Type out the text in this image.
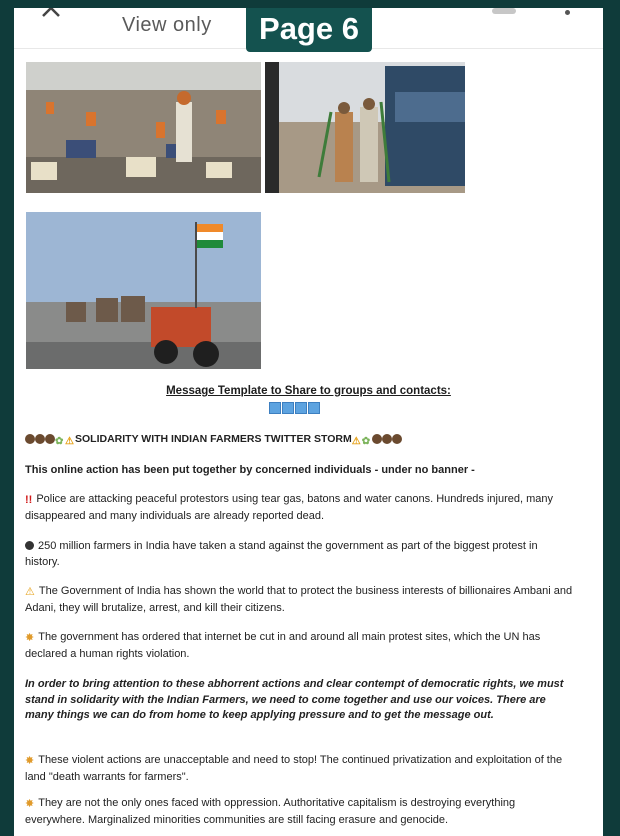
View only	Page 6
Message Template to Share to groups and contacts:
✿ ⚠SOLIDARITY WITH INDIAN FARMERS TWITTER STORM⚠✿
This online action has been put together by concerned individuals - under no banner -
!! Police are attacking peaceful protestors using tear gas, batons and water canons. Hundreds injured, many disappeared and many individuals are already reported dead.
250 million farmers in India have taken a stand against the government as part of the biggest protest in history.
⚠ The Government of India has shown the world that to protect the business interests of billionaires Ambani and Adani, they will brutalize, arrest, and kill their citizens.
✸ The government has ordered that internet be cut in and around all main protest sites, which the UN has declared a human rights violation.
In order to bring attention to these abhorrent actions and clear contempt of democratic rights, we must stand in solidarity with the Indian Farmers, we need to come together and use our voices. There are many things we can do from home to keep applying pressure and to get the message out.
✸ These violent actions are unacceptable and need to stop! The continued privatization and exploitation of the land "death warrants for farmers".
✸ They are not the only ones faced with oppression. Authoritative capitalism is destroying everything everywhere. Marginalized minorities communities are still facing erasure and genocide.
